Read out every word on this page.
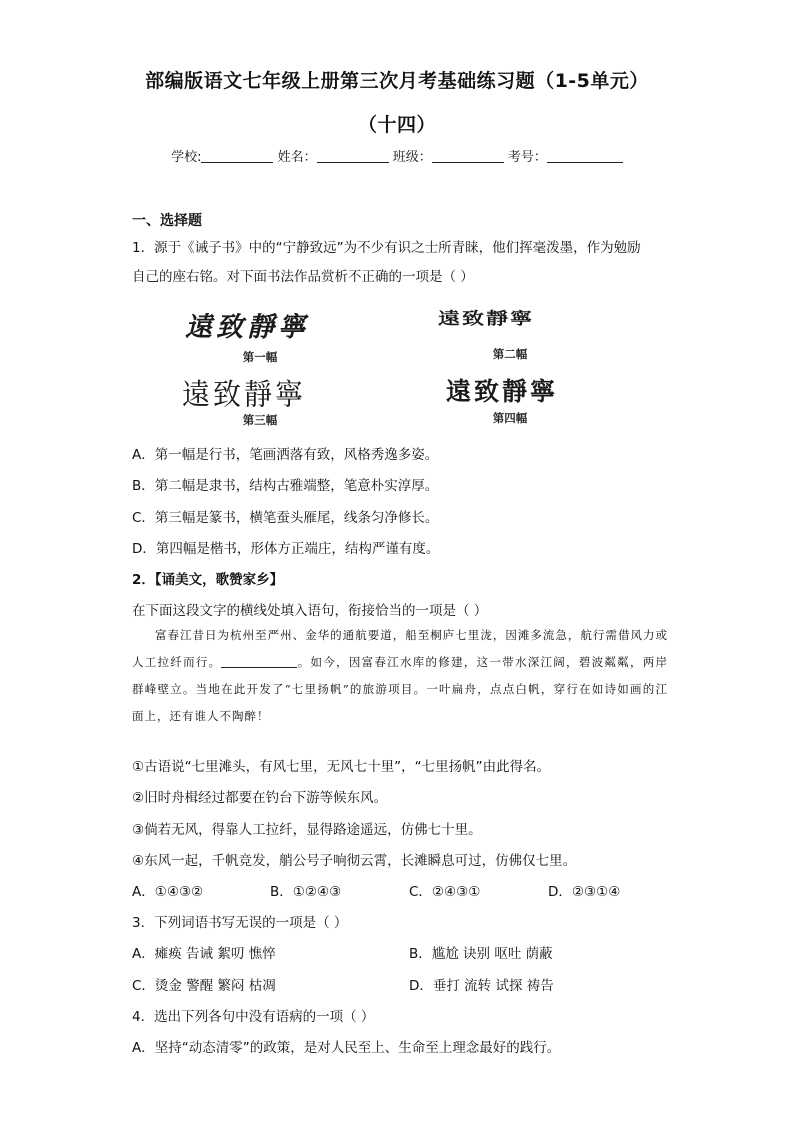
部编版语文七年级上册第三次月考基础练习题（1-5单元）
（十四）
学校:	姓名：	班级：	考号：
一、选择题
1．源于《诫子书》中的“宁静致远”为不少有识之士所青睐，他们挥毫泼墨，作为勉励
自己的座右铭。对下面书法作品赏析不正确的一项是（ ）
遠致靜寧
第一幅
遠致靜寧
第二幅
遠致靜寧
第三幅
遠致靜寧
第四幅
A．第一幅是行书，笔画洒落有致，风格秀逸多姿。
B．第二幅是隶书，结构古雅端整，笔意朴实淳厚。
C．第三幅是篆书，横笔蚕头雁尾，线条匀净修长。
D．第四幅是楷书，形体方正端庄，结构严谨有度。
2．【诵美文，歌赞家乡】
在下面这段文字的横线处填入语句，衔接恰当的一项是（ ）
富春江昔日为杭州至严州、金华的通航要道，船至桐庐七里泷，因滩多流急，航行需借风力或人工拉纤而行。	。如今，因富春江水库的修建，这一带水深江阔，碧波粼粼，两岸群峰壁立。当地在此开发了“七里扬帆”的旅游项目。一叶扁舟，点点白帆，穿行在如诗如画的江面上，还有谁人不陶醉！
①古语说“七里滩头，有风七里，无风七十里”，“七里扬帆”由此得名。
②旧时舟楫经过都要在钓台下游等候东风。
③倘若无风，得靠人工拉纤，显得路途遥远，仿佛七十里。
④东风一起，千帆竞发，艄公号子响彻云霄，长滩瞬息可过，仿佛仅七里。
A．①④③②	B．①②④③	C．②④③①	D．②③①④
3．下列词语书写无误的一项是（ ）
A．瘫痪 告诫 絮叨 憔悴	B．尴尬 诀别 呕吐 荫蔽
C．烫金 警醒 繁闷 枯凋	D．垂打 流转 试探 祷告
4．选出下列各句中没有语病的一项（ ）
A．坚持“动态清零”的政策，是对人民至上、生命至上理念最好的践行。
